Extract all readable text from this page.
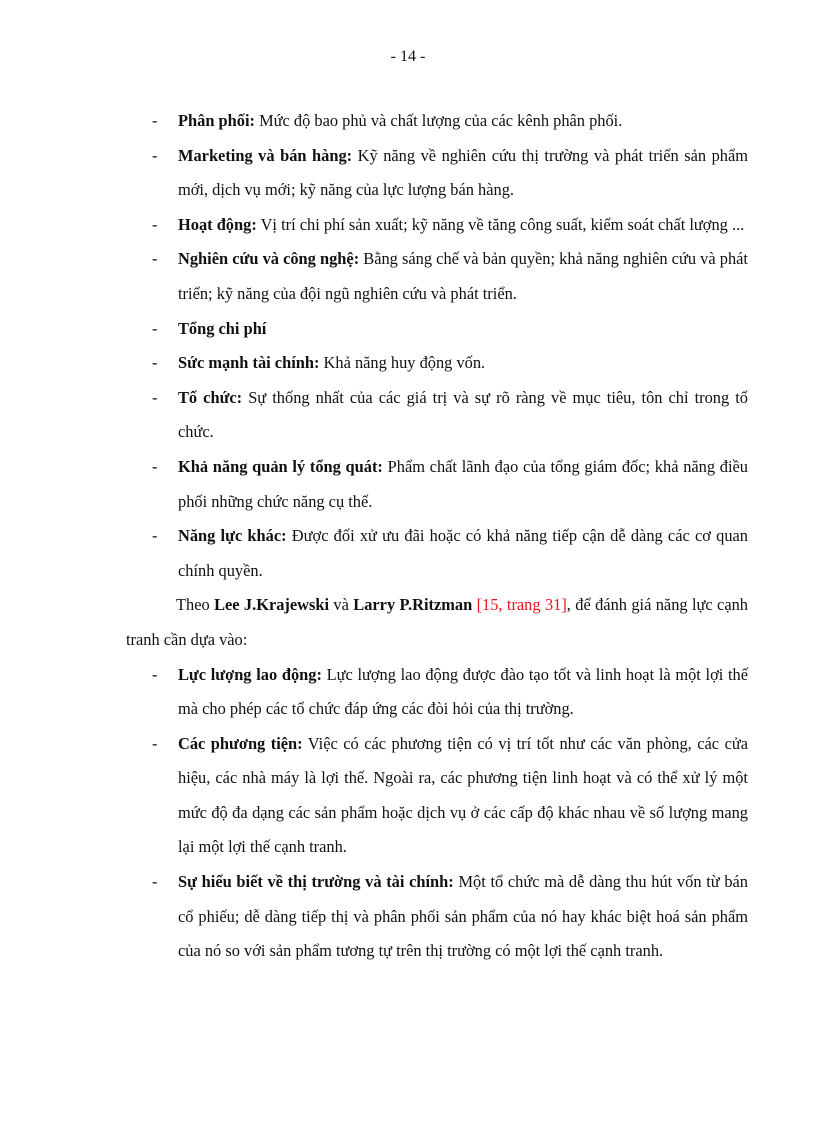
- 14 -
- Phân phối: Mức độ bao phủ và chất lượng của các kênh phân phối.
- Marketing và bán hàng: Kỹ năng về nghiên cứu thị trường và phát triển sản phẩm mới, dịch vụ mới; kỹ năng của lực lượng bán hàng.
- Hoạt động: Vị trí chi phí sản xuất; kỹ năng về tăng công suất, kiểm soát chất lượng ...
- Nghiên cứu và công nghệ: Bằng sáng chế và bản quyền; khả năng nghiên cứu và phát triển; kỹ năng của đội ngũ nghiên cứu và phát triển.
- Tổng chi phí
- Sức mạnh tài chính: Khả năng huy động vốn.
- Tổ chức: Sự thống nhất của các giá trị và sự rõ ràng về mục tiêu, tôn chỉ trong tổ chức.
- Khả năng quản lý tổng quát: Phẩm chất lãnh đạo của tổng giám đốc; khả năng điều phối những chức năng cụ thể.
- Năng lực khác: Được đối xử ưu đãi hoặc có khả năng tiếp cận dễ dàng các cơ quan chính quyền.

Theo Lee J.Krajewski và Larry P.Ritzman [15, trang 31], để đánh giá năng lực cạnh tranh cần dựa vào:

- Lực lượng lao động: Lực lượng lao động được đào tạo tốt và linh hoạt là một lợi thế mà cho phép các tổ chức đáp ứng các đòi hỏi của thị trường.
- Các phương tiện: Việc có các phương tiện có vị trí tốt như các văn phòng, các cửa hiệu, các nhà máy là lợi thế. Ngoài ra, các phương tiện linh hoạt và có thể xử lý một mức độ đa dạng các sản phẩm hoặc dịch vụ ở các cấp độ khác nhau về số lượng mang lại một lợi thế cạnh tranh.
- Sự hiểu biết về thị trường và tài chính: Một tổ chức mà dễ dàng thu hút vốn từ bán cổ phiếu; dễ dàng tiếp thị và phân phối sản phẩm của nó hay khác biệt hoá sản phẩm của nó so với sản phẩm tương tự trên thị trường có một lợi thế cạnh tranh.
